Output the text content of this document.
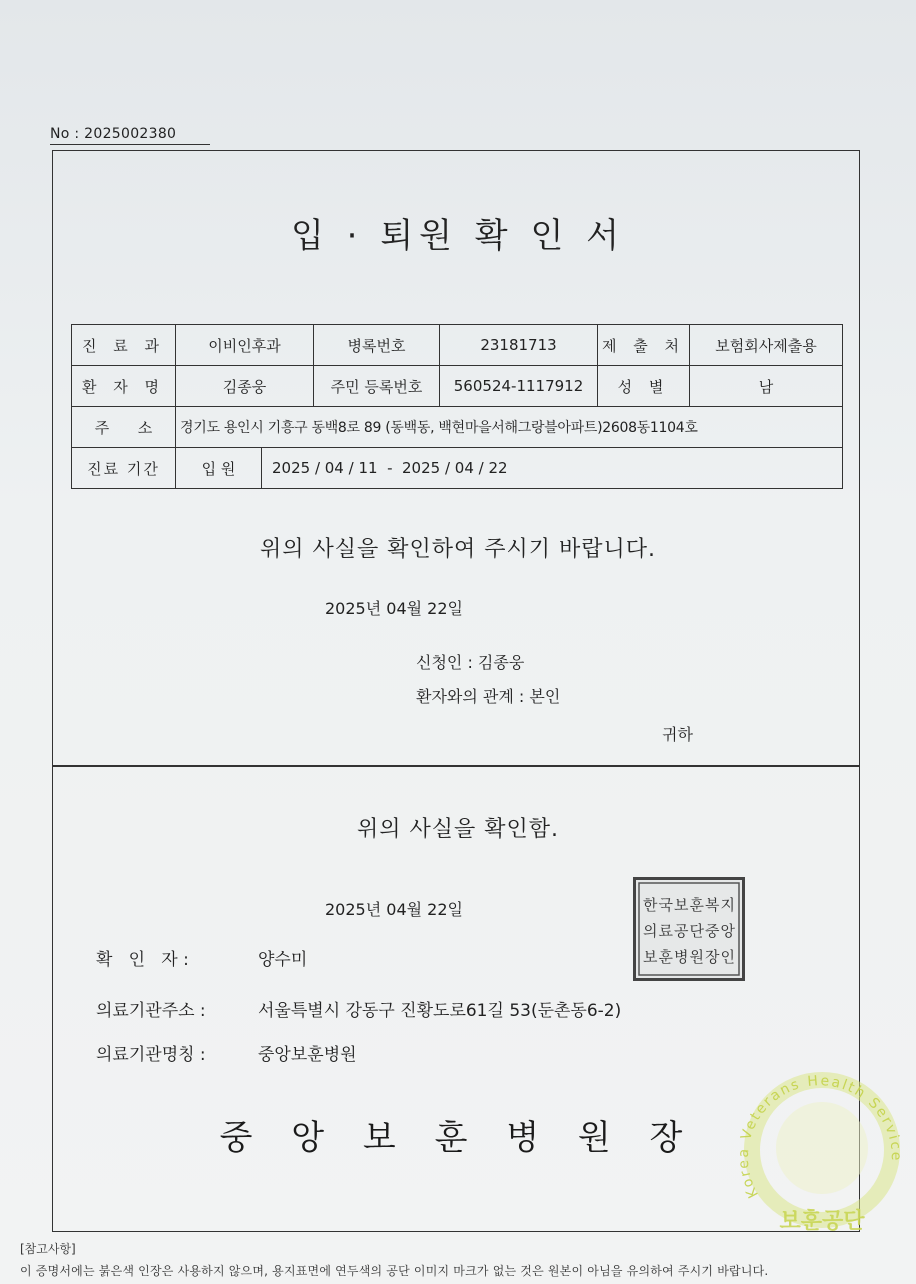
No : 2025002380
입 · 퇴원 확 인 서
진 료 과	이비인후과		병록번호	23181713	제 출 처	보험회사제출용
환 자 명	김종웅		주민 등록번호	560524-1117912	성 별	남
주      소	경기도 용인시 기흥구 동백8로 89 (동백동, 백현마을서해그랑블아파트)2608동1104호					
진료 기간	입 원	2025 / 04 / 11  -  2025 / 04 / 22				
위의 사실을 확인하여 주시기 바랍니다.
2025년 04월 22일
신청인 : 김종웅
환자와의 관계 : 본인
귀하
위의 사실을 확인함.
2025년 04월 22일
확   인   자 :	양수미
의료기관주소 :	서울특별시 강동구 진황도로61길 53(둔촌동6-2)
의료기관명칭 :	중앙보훈병원
중 앙 보 훈 병 원 장
한국보훈복지
의료공단중앙
보훈병원장인
Korea Veterans Health Service
보훈공단
[참고사항]
이 증명서에는 붉은색 인장은 사용하지 않으며, 용지표면에 연두색의 공단 이미지 마크가 없는 것은 원본이 아님을 유의하여 주시기 바랍니다.
